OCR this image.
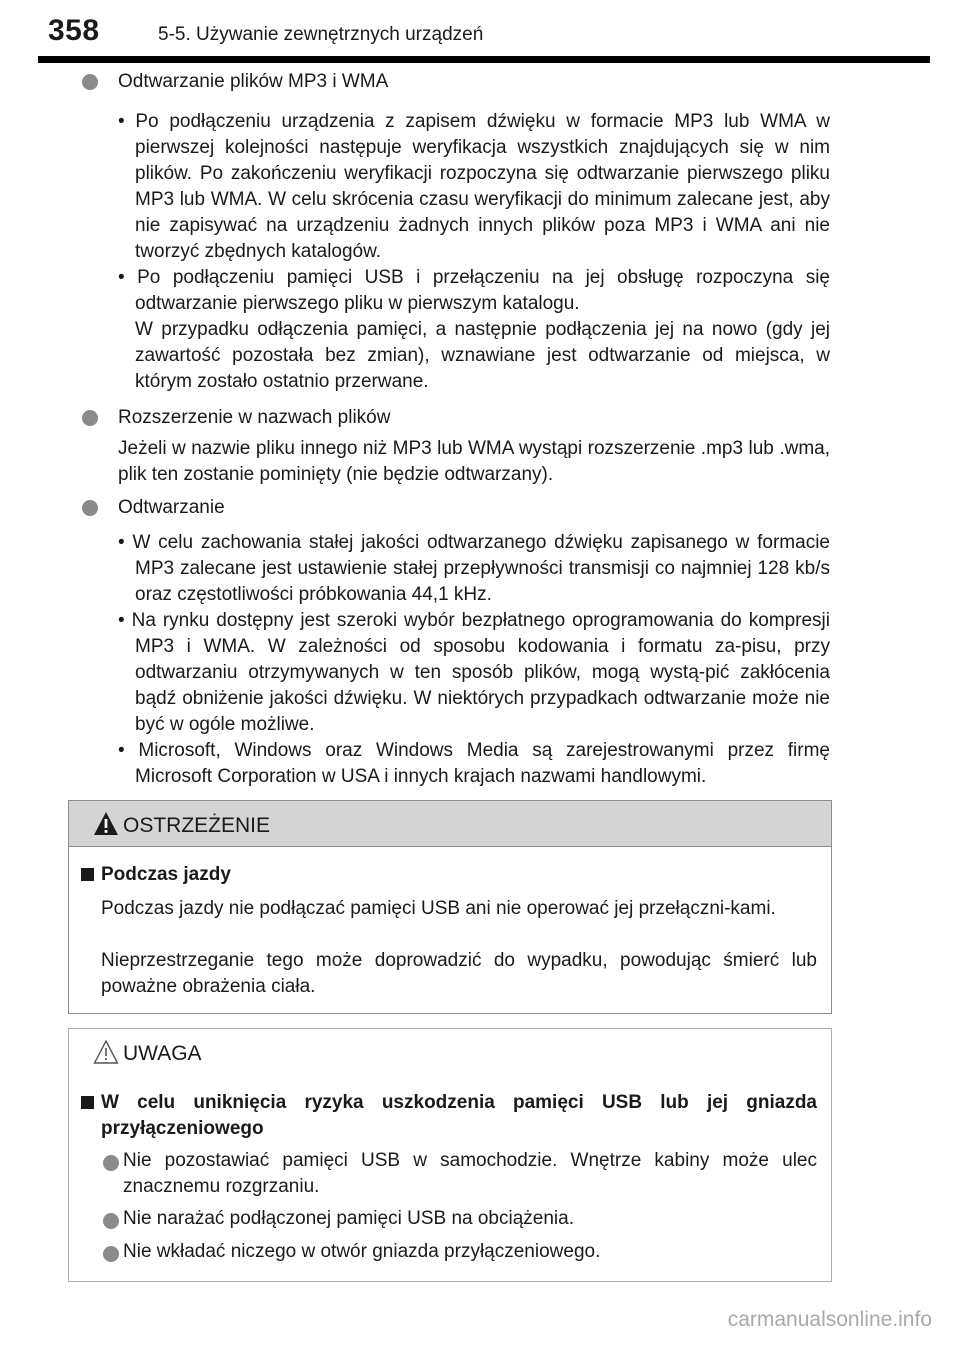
358	5-5. Używanie zewnętrznych urządzeń
Odtwarzanie plików MP3 i WMA
• Po podłączeniu urządzenia z zapisem dźwięku w formacie MP3 lub WMA w pierwszej kolejności następuje weryfikacja wszystkich znajdujących się w nim plików. Po zakończeniu weryfikacji rozpoczyna się odtwarzanie pierwszego pliku MP3 lub WMA. W celu skrócenia czasu weryfikacji do minimum zalecane jest, aby nie zapisywać na urządzeniu żadnych innych plików poza MP3 i WMA ani nie tworzyć zbędnych katalogów.
• Po podłączeniu pamięci USB i przełączeniu na jej obsługę rozpoczyna się odtwarzanie pierwszego pliku w pierwszym katalogu.
W przypadku odłączenia pamięci, a następnie podłączenia jej na nowo (gdy jej zawartość pozostała bez zmian), wznawiane jest odtwarzanie od miejsca, w którym zostało ostatnio przerwane.
Rozszerzenie w nazwach plików
Jeżeli w nazwie pliku innego niż MP3 lub WMA wystąpi rozszerzenie .mp3 lub .wma, plik ten zostanie pominięty (nie będzie odtwarzany).
Odtwarzanie
• W celu zachowania stałej jakości odtwarzanego dźwięku zapisanego w formacie MP3 zalecane jest ustawienie stałej przepływności transmisji co najmniej 128 kb/s oraz częstotliwości próbkowania 44,1 kHz.
• Na rynku dostępny jest szeroki wybór bezpłatnego oprogramowania do kompresji MP3 i WMA. W zależności od sposobu kodowania i formatu za-pisu, przy odtwarzaniu otrzymywanych w ten sposób plików, mogą wystą-pić zakłócenia bądź obniżenie jakości dźwięku. W niektórych przypadkach odtwarzanie może nie być w ogóle możliwe.
• Microsoft, Windows oraz Windows Media są zarejestrowanymi przez firmę Microsoft Corporation w USA i innych krajach nazwami handlowymi.
OSTRZEŻENIE
Podczas jazdy
Podczas jazdy nie podłączać pamięci USB ani nie operować jej przełączni-kami.
Nieprzestrzeganie tego może doprowadzić do wypadku, powodując śmierć lub poważne obrażenia ciała.
UWAGA
W celu uniknięcia ryzyka uszkodzenia pamięci USB lub jej gniazda przyłączeniowego
Nie pozostawiać pamięci USB w samochodzie. Wnętrze kabiny może ulec znacznemu rozgrzaniu.
Nie narażać podłączonej pamięci USB na obciążenia.
Nie wkładać niczego w otwór gniazda przyłączeniowego.
carmanualsonline.info
